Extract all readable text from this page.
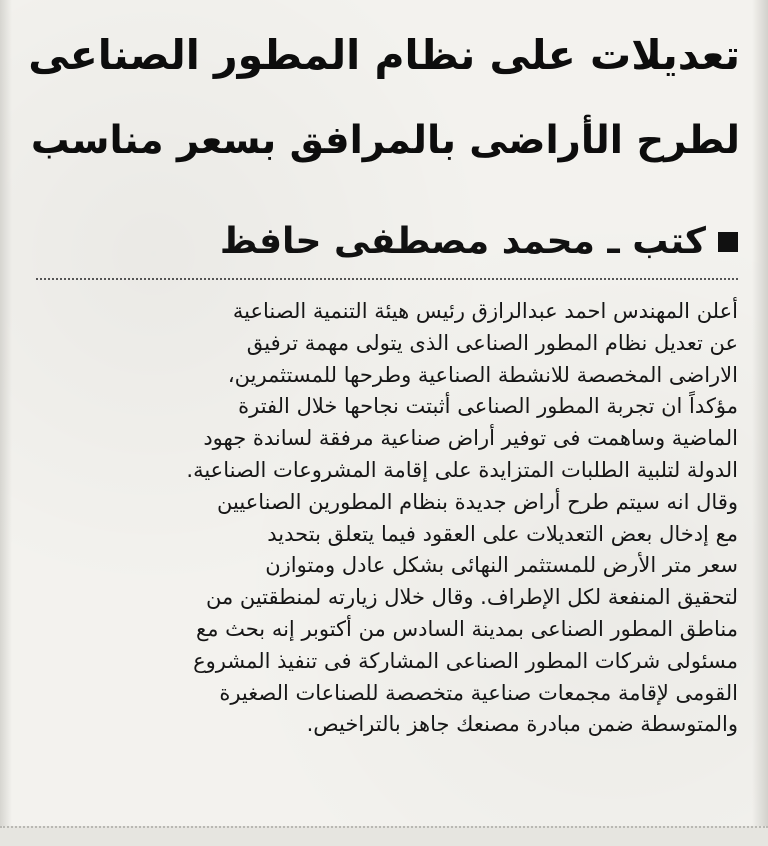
تعديلات على نظام المطور الصناعى
لطرح الأراضى بالمرافق بسعر مناسب
كتب ـ محمد مصطفى حافظ
أعلن المهندس احمد عبدالرازق رئيس هيئة التنمية الصناعية
عن تعديل نظام المطور الصناعى الذى يتولى مهمة ترفيق
الاراضى المخصصة للانشطة الصناعية وطرحها للمستثمرين،
مؤكداً ان تجربة المطور الصناعى أثبتت نجاحها خلال الفترة
الماضية وساهمت فى توفير أراض صناعية مرفقة لساندة جهود
الدولة لتلبية الطلبات المتزايدة على إقامة المشروعات الصناعية.
وقال انه سيتم طرح أراض جديدة بنظام المطورين الصناعيين
مع إدخال بعض التعديلات على العقود فيما يتعلق بتحديد
سعر متر الأرض للمستثمر النهائى بشكل عادل ومتوازن
لتحقيق المنفعة لكل الإطراف. وقال خلال زيارته لمنطقتين من
مناطق المطور الصناعى بمدينة السادس من أكتوبر إنه بحث مع
مسئولى شركات المطور الصناعى المشاركة فى تنفيذ المشروع
القومى لإقامة مجمعات صناعية متخصصة للصناعات الصغيرة
والمتوسطة ضمن مبادرة مصنعك جاهز بالتراخيص.
